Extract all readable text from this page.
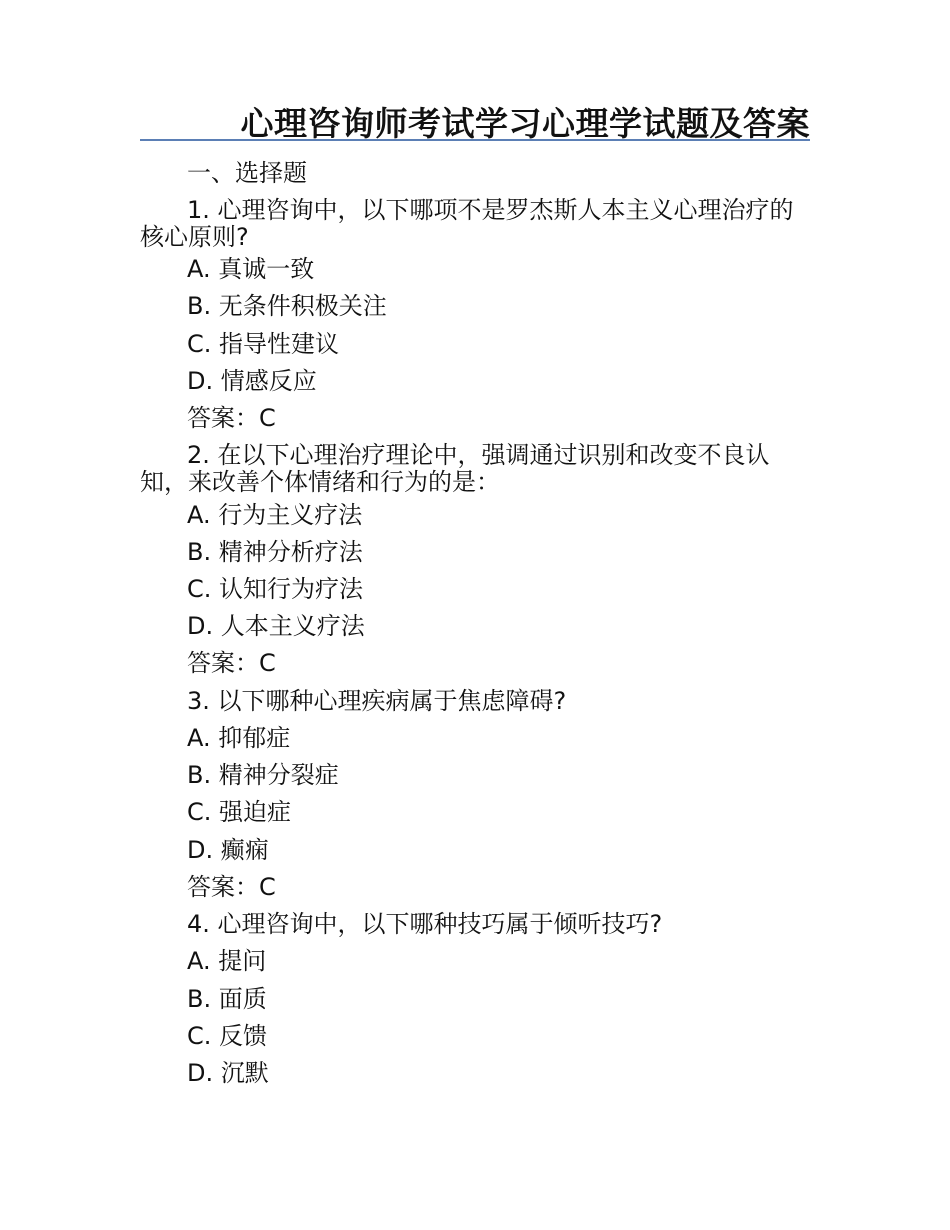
心理咨询师考试学习心理学试题及答案
一、选择题
1. 心理咨询中，以下哪项不是罗杰斯人本主义心理治疗的
核心原则?
A. 真诚一致
B. 无条件积极关注
C. 指导性建议
D. 情感反应
答案：C
2. 在以下心理治疗理论中，强调通过识别和改变不良认
知，来改善个体情绪和行为的是：
A. 行为主义疗法
B. 精神分析疗法
C. 认知行为疗法
D. 人本主义疗法
答案：C
3. 以下哪种心理疾病属于焦虑障碍?
A. 抑郁症
B. 精神分裂症
C. 强迫症
D. 癫痫
答案：C
4. 心理咨询中，以下哪种技巧属于倾听技巧?
A. 提问
B. 面质
C. 反馈
D. 沉默
